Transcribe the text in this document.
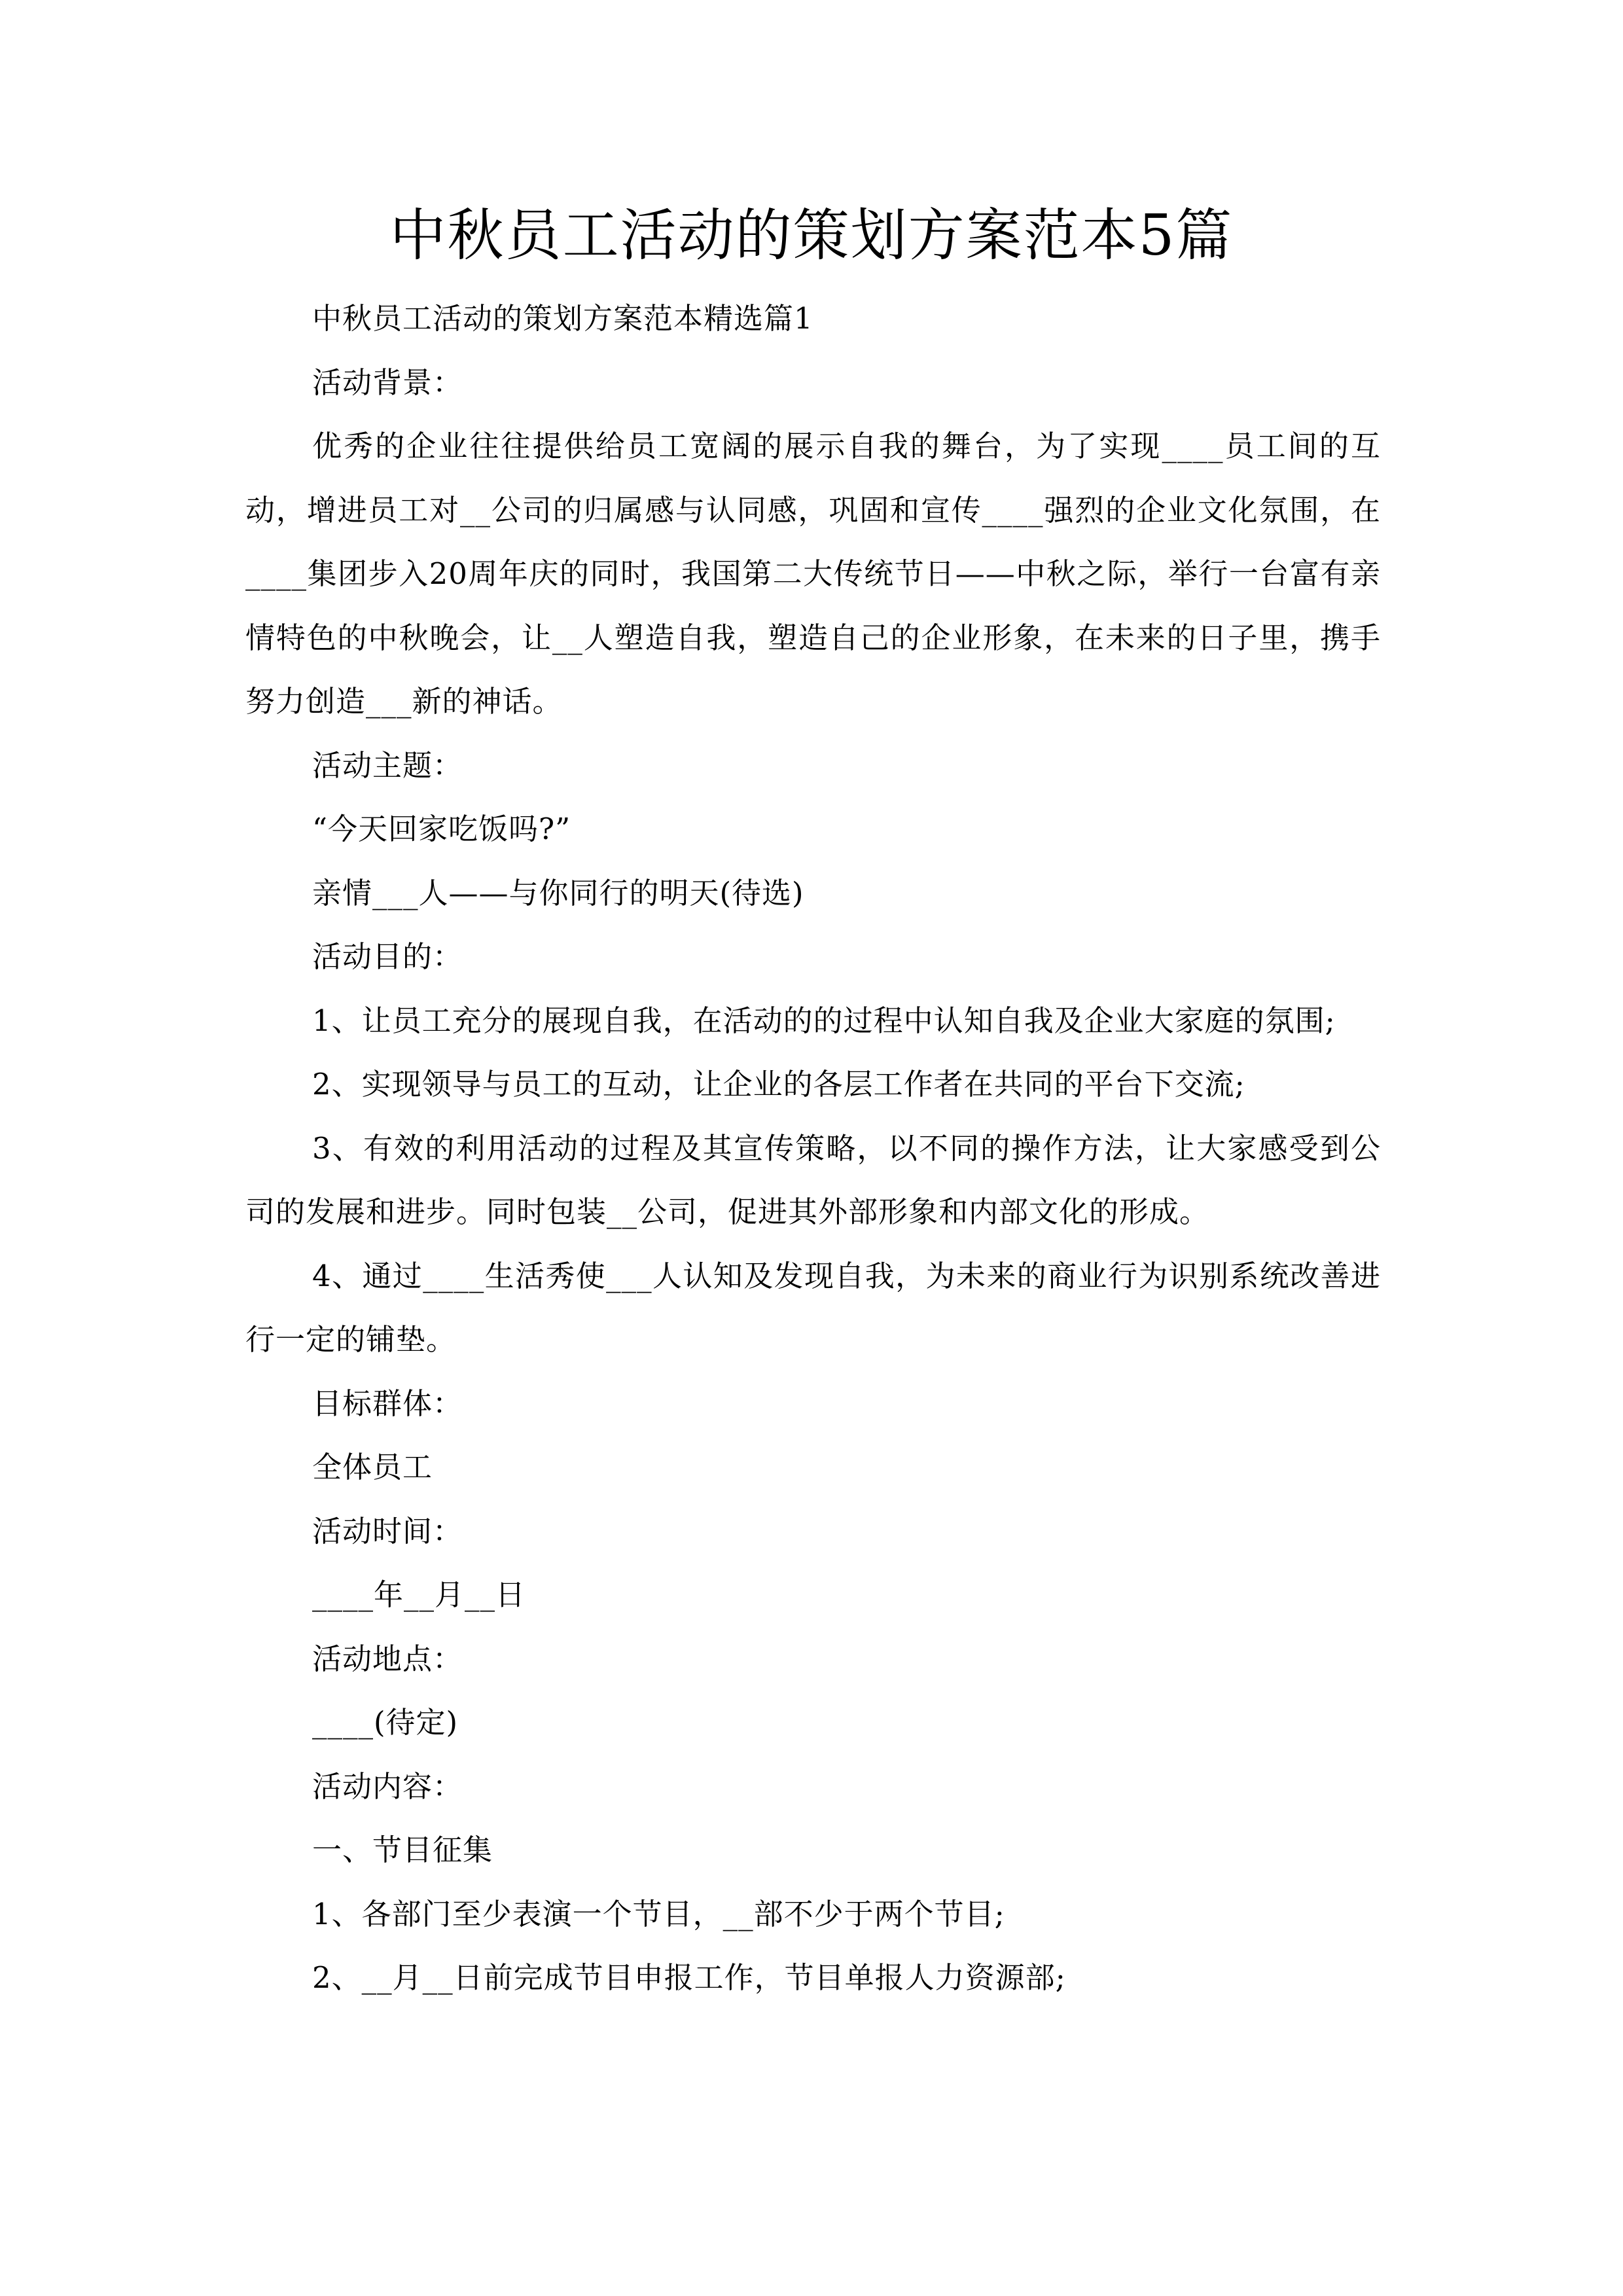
中秋员工活动的策划方案范本5篇

中秋员工活动的策划方案范本精选篇1

活动背景：

优秀的企业往往提供给员工宽阔的展示自我的舞台，为了实现____员工间的互动，增进员工对__公司的归属感与认同感，巩固和宣传____强烈的企业文化氛围，在____集团步入20周年庆的同时，我国第二大传统节日——中秋之际，举行一台富有亲情特色的中秋晚会，让__人塑造自我，塑造自己的企业形象，在未来的日子里，携手努力创造___新的神话。

活动主题：

“今天回家吃饭吗?”

亲情___人——与你同行的明天(待选)

活动目的：

1、让员工充分的展现自我，在活动的的过程中认知自我及企业大家庭的氛围;

2、实现领导与员工的互动，让企业的各层工作者在共同的平台下交流;

3、有效的利用活动的过程及其宣传策略，以不同的操作方法，让大家感受到公司的发展和进步。同时包装__公司，促进其外部形象和内部文化的形成。

4、通过____生活秀使___人认知及发现自我，为未来的商业行为识别系统改善进行一定的铺垫。

目标群体：

全体员工

活动时间：

____年__月__日

活动地点：

____(待定)

活动内容：

一、节目征集

1、各部门至少表演一个节目，__部不少于两个节目;

2、__月__日前完成节目申报工作，节目单报人力资源部;
